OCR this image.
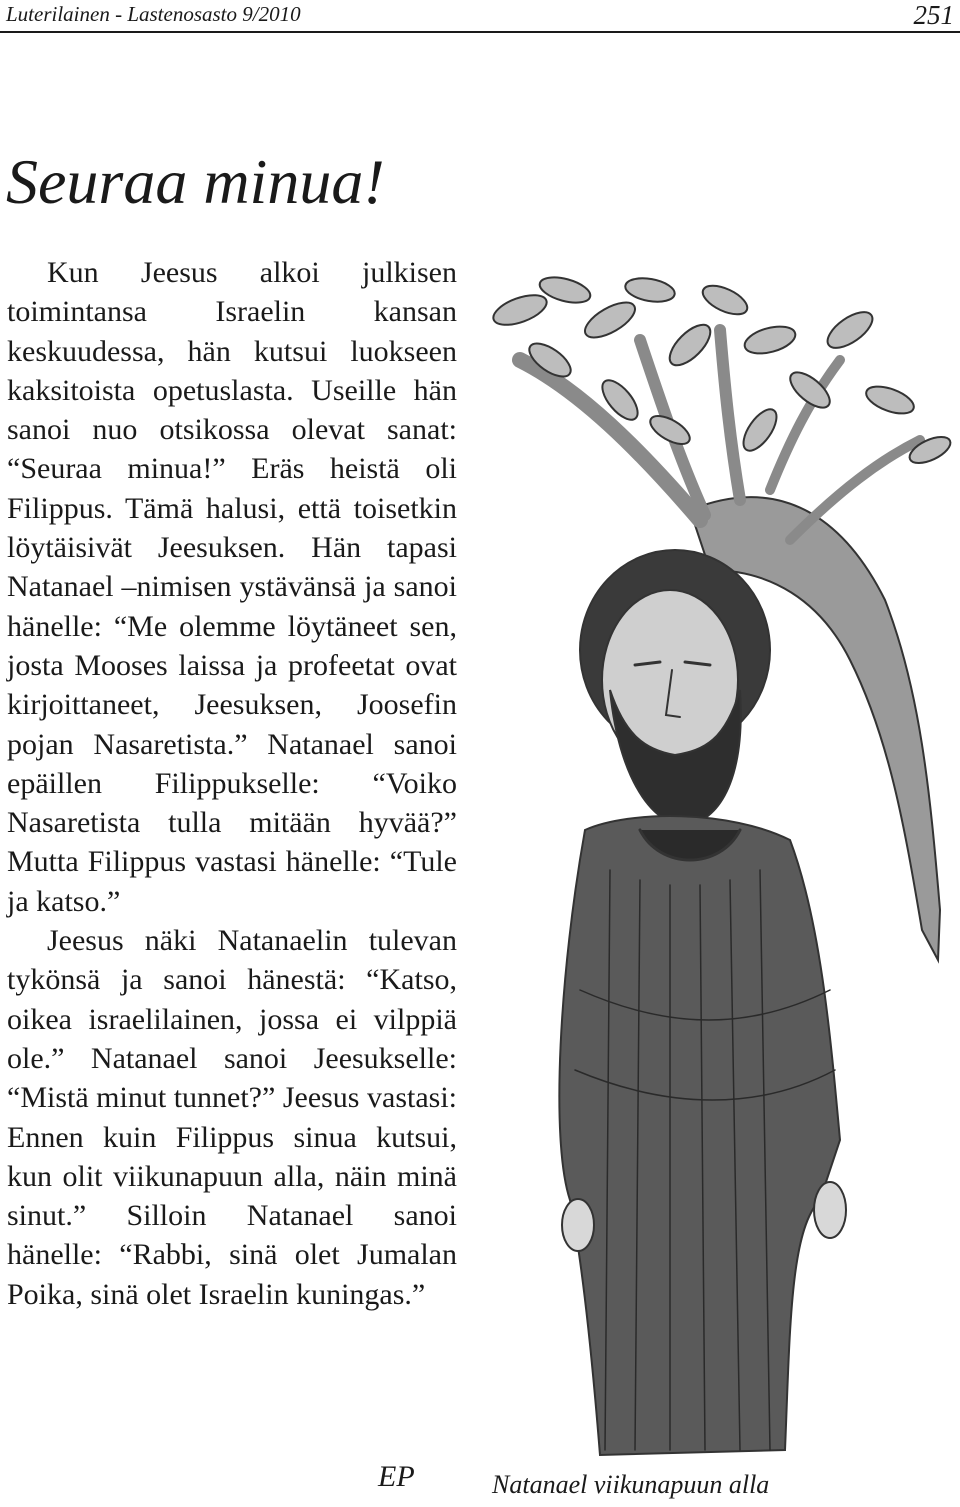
Luterilainen - Lastenosasto 9/2010	251
Seuraa minua!

Kun Jeesus alkoi julkisen toimintansa Israelin kansan keskuudessa, hän kutsui luokseen kaksitoista opetuslasta. Useille hän sanoi nuo otsikossa olevat sanat: “Seuraa minua!” Eräs heistä oli Filippus. Tämä halusi, että toisetkin löytäisivät Jeesuksen. Hän tapasi Natanael –nimisen ystävänsä ja sanoi hänelle: “Me olemme löytäneet sen, josta Mooses laissa ja profeetat ovat kirjoittaneet, Jeesuksen, Joosefin pojan Nasaretista.” Natanael sanoi epäillen Filippukselle: “Voiko Nasaretista tulla mitään hyvää?” Mutta Filippus vastasi hänelle: “Tule ja katso.”

Jeesus näki Natanaelin tulevan tykönsä ja sanoi hänestä: “Katso, oikea israelilainen, jossa ei vilppiä ole.” Natanael sanoi Jeesukselle: “Mistä minut tunnet?” Jeesus vastasi: Ennen kuin Filippus sinua kutsui, kun olit viikunapuun alla, näin minä sinut.” Silloin Natanael sanoi hänelle: “Rabbi, sinä olet Jumalan Poika, sinä olet Israelin kuningas.”

EP	Natanael viikunapuun alla
